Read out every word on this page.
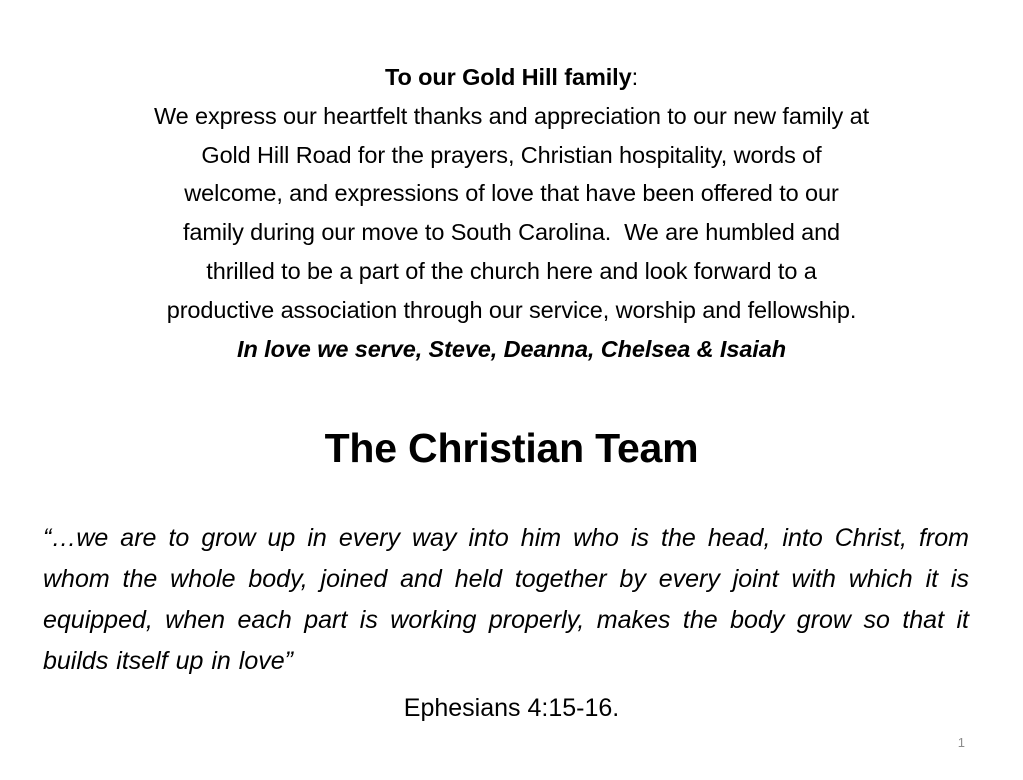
To our Gold Hill family:
We express our heartfelt thanks and appreciation to our new family at
Gold Hill Road for the prayers, Christian hospitality, words of
welcome, and expressions of love that have been offered to our
family during our move to South Carolina.  We are humbled and
thrilled to be a part of the church here and look forward to a
productive association through our service, worship and fellowship.
In love we serve, Steve, Deanna, Chelsea & Isaiah
The Christian Team
“…we are to grow up in every way into him who is the head, into Christ, from whom the whole body, joined and held together by every joint with which it is equipped, when each part is working properly, makes the body grow so that it builds itself up in love”
Ephesians 4:15-16.
1
